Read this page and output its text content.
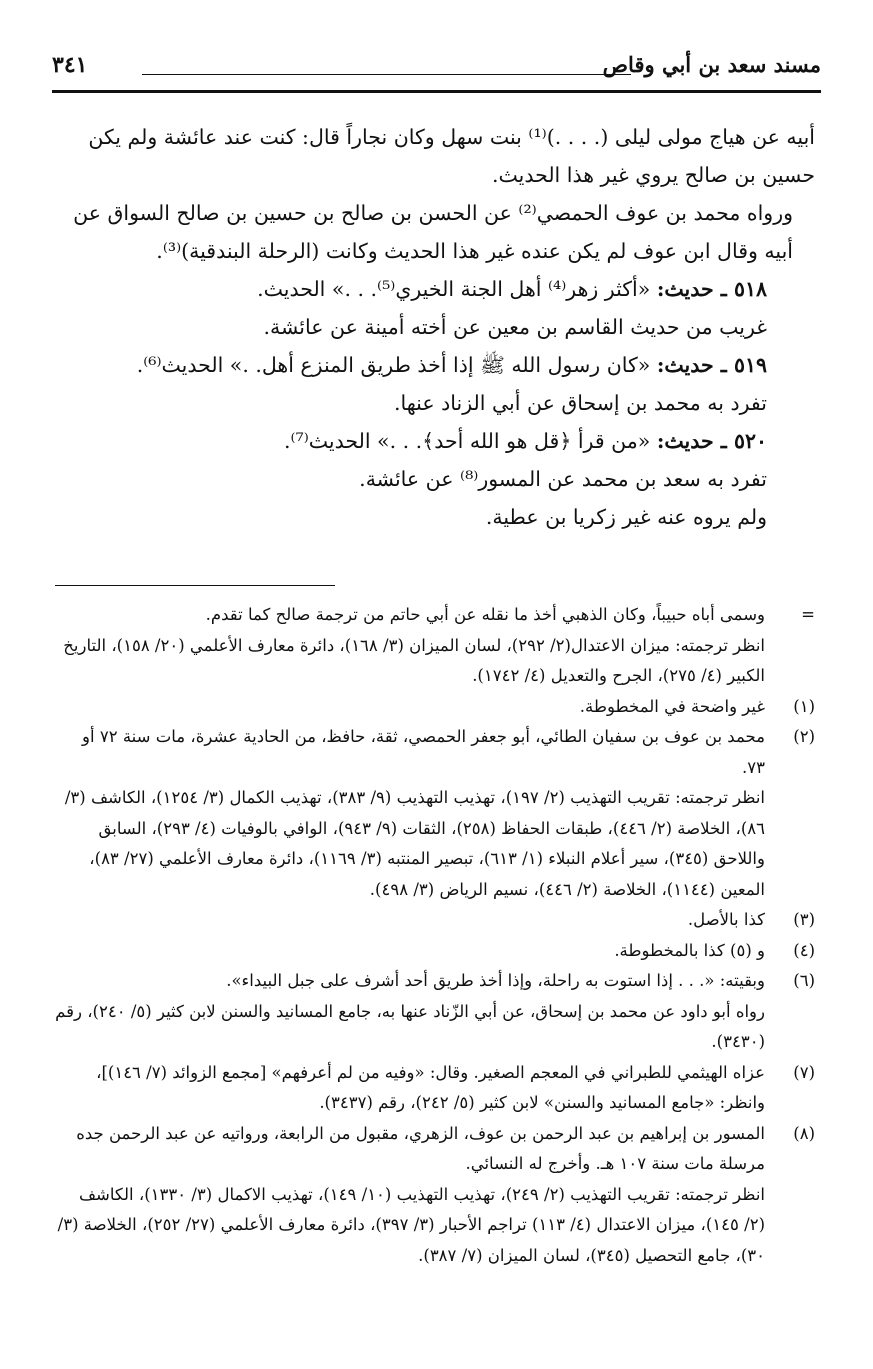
مسند سعد بن أبي وقاص
٣٤١

أبيه عن هياج مولى ليلى (. . . .)⁽¹⁾ بنت سهل وكان نجاراً قال: كنت عند عائشة ولم يكن حسين بن صالح يروي غير هذا الحديث.

ورواه محمد بن عوف الحمصي⁽²⁾ عن الحسن بن صالح بن حسين بن صالح السواق عن أبيه وقال ابن عوف لم يكن عنده غير هذا الحديث وكانت (الرحلة البندقية)⁽³⁾.

٥١٨ ـ حديث: «أكثر زهر⁽⁴⁾ أهل الجنة الخيري⁽⁵⁾. . .» الحديث.

غريب من حديث القاسم بن معين عن أخته أمينة عن عائشة.

٥١٩ ـ حديث: «كان رسول الله ﷺ إذا أخذ طريق المنزع أهل. .» الحديث⁽⁶⁾.

تفرد به محمد بن إسحاق عن أبي الزناد عنها.

٥٢٠ ـ حديث: «من قرأ ﴿قل هو الله أحد﴾. . .» الحديث⁽⁷⁾.

تفرد به سعد بن محمد عن المسور⁽⁸⁾ عن عائشة.

ولم يروه عنه غير زكريا بن عطية.

=

وسمى أباه حبيباً، وكان الذهبي أخذ ما نقله عن أبي حاتم من ترجمة صالح كما تقدم.

انظر ترجمته: ميزان الاعتدال(٢/ ٢٩٢)، لسان الميزان (٣/ ١٦٨)، دائرة معارف الأعلمي (٢٠/ ١٥٨)، التاريخ الكبير (٤/ ٢٧٥)، الجرح والتعديل (٤/ ١٧٤٢).

(١)

غير واضحة في المخطوطة.

(٢)

محمد بن عوف بن سفيان الطائي، أبو جعفر الحمصي، ثقة، حافظ، من الحادية عشرة، مات سنة ٧٢ أو ٧٣.

انظر ترجمته: تقريب التهذيب (٢/ ١٩٧)، تهذيب التهذيب (٩/ ٣٨٣)، تهذيب الكمال (٣/ ١٢٥٤)، الكاشف (٣/ ٨٦)، الخلاصة (٢/ ٤٤٦)، طبقات الحفاظ (٢٥٨)، الثقات (٩/ ٩٤٣)، الوافي بالوفيات (٤/ ٢٩٣)، السابق واللاحق (٣٤٥)، سير أعلام النبلاء (١/ ٦١٣)، تبصير المنتبه (٣/ ١١٦٩)، دائرة معارف الأعلمي (٢٧/ ٨٣)، المعين (١١٤٤)، الخلاصة (٢/ ٤٤٦)، نسيم الرياض (٣/ ٤٩٨).

(٣)

كذا بالأصل.

(٤)

و (٥) كذا بالمخطوطة.

(٦)

وبقيته: «. . . إذا استوت به راحلة، وإذا أخذ طريق أحد أشرف على جبل البيداء».

رواه أبو داود عن محمد بن إسحاق، عن أبي الزّناد عنها به، جامع المسانيد والسنن لابن كثير (٥/ ٢٤٠)، رقم (٣٤٣٠).

(٧)

عزاه الهيثمي للطبراني في المعجم الصغير. وقال: «وفيه من لم أعرفهم» [مجمع الزوائد (٧/ ١٤٦)]، وانظر: «جامع المسانيد والسنن» لابن كثير (٥/ ٢٤٢)، رقم (٣٤٣٧).

(٨)

المسور بن إبراهيم بن عبد الرحمن بن عوف، الزهري، مقبول من الرابعة، ورواتيه عن عبد الرحمن جده مرسلة مات سنة ١٠٧ هـ. وأخرج له النسائي.

انظر ترجمته: تقريب التهذيب (٢/ ٢٤٩)، تهذيب التهذيب (١٠/ ١٤٩)، تهذيب الاكمال (٣/ ١٣٣٠)، الكاشف (٢/ ١٤٥)، ميزان الاعتدال (٤/ ١١٣) تراجم الأحبار (٣/ ٣٩٧)، دائرة معارف الأعلمي (٢٧/ ٢٥٢)، الخلاصة (٣/ ٣٠)، جامع التحصيل (٣٤٥)، لسان الميزان (٧/ ٣٨٧).
